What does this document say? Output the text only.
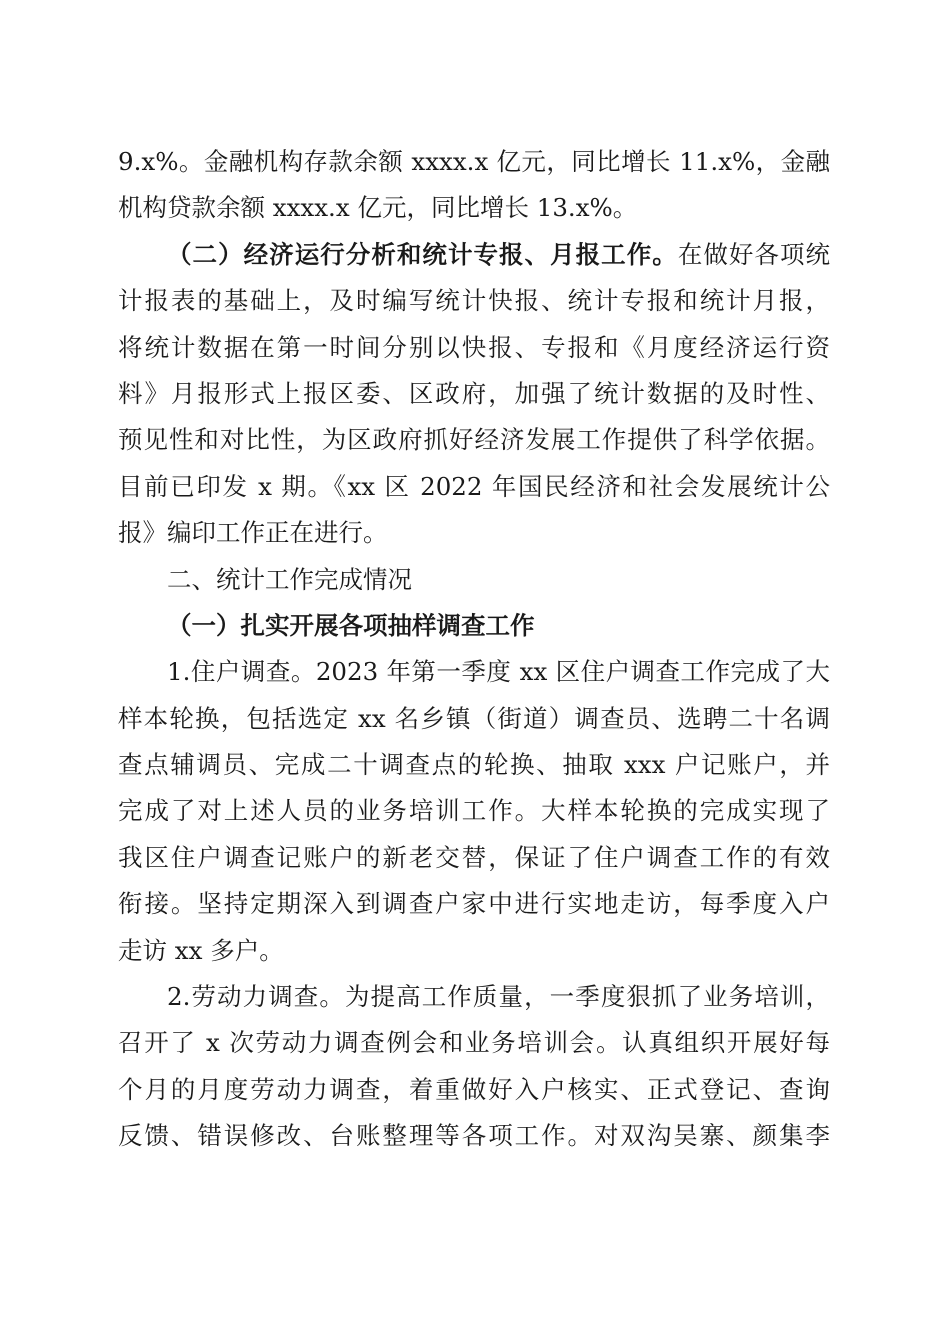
9.x%。金融机构存款余额 xxxx.x 亿元，同比增长 11.x%，金融
机构贷款余额 xxxx.x 亿元，同比增长 13.x%。
（二）经济运行分析和统计专报、月报工作。在做好各项统
计报表的基础上，及时编写统计快报、统计专报和统计月报，
将统计数据在第一时间分别以快报、专报和《月度经济运行资
料》月报形式上报区委、区政府，加强了统计数据的及时性、
预见性和对比性，为区政府抓好经济发展工作提供了科学依据。
目前已印发 x 期。《xx 区 2022 年国民经济和社会发展统计公
报》编印工作正在进行。
二、统计工作完成情况
（一）扎实开展各项抽样调查工作
1.住户调查。2023 年第一季度 xx 区住户调查工作完成了大
样本轮换，包括选定 xx 名乡镇（街道）调查员、选聘二十名调
查点辅调员、完成二十调查点的轮换、抽取 xxx 户记账户，并
完成了对上述人员的业务培训工作。大样本轮换的完成实现了
我区住户调查记账户的新老交替，保证了住户调查工作的有效
衔接。坚持定期深入到调查户家中进行实地走访，每季度入户
走访 xx 多户。
2.劳动力调查。为提高工作质量，一季度狠抓了业务培训，
召开了 x 次劳动力调查例会和业务培训会。认真组织开展好每
个月的月度劳动力调查，着重做好入户核实、正式登记、查询
反馈、错误修改、台账整理等各项工作。对双沟吴寨、颜集李
